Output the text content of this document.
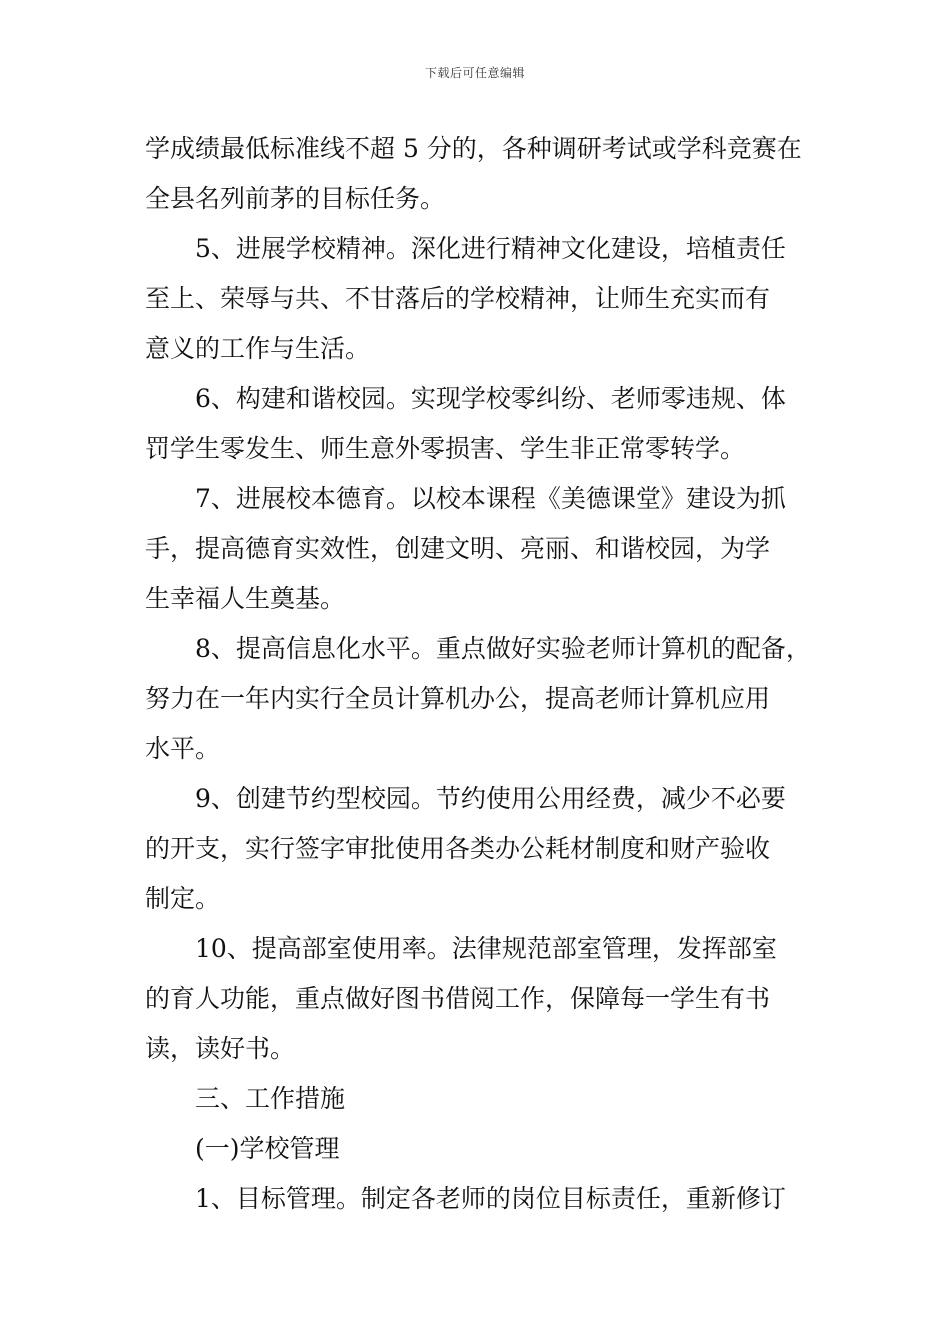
下载后可任意编辑
学成绩最低标准线不超 5 分的，各种调研考试或学科竞赛在
全县名列前茅的目标任务。
5、进展学校精神。深化进行精神文化建设，培植责任
至上、荣辱与共、不甘落后的学校精神，让师生充实而有
意义的工作与生活。
6、构建和谐校园。实现学校零纠纷、老师零违规、体
罚学生零发生、师生意外零损害、学生非正常零转学。
7、进展校本德育。以校本课程《美德课堂》建设为抓
手，提高德育实效性，创建文明、亮丽、和谐校园，为学
生幸福人生奠基。
8、提高信息化水平。重点做好实验老师计算机的配备，
努力在一年内实行全员计算机办公，提高老师计算机应用
水平。
9、创建节约型校园。节约使用公用经费，减少不必要
的开支，实行签字审批使用各类办公耗材制度和财产验收
制定。
10、提高部室使用率。法律规范部室管理，发挥部室
的育人功能，重点做好图书借阅工作，保障每一学生有书
读，读好书。
三、工作措施
(一)学校管理
1、目标管理。制定各老师的岗位目标责任，重新修订
